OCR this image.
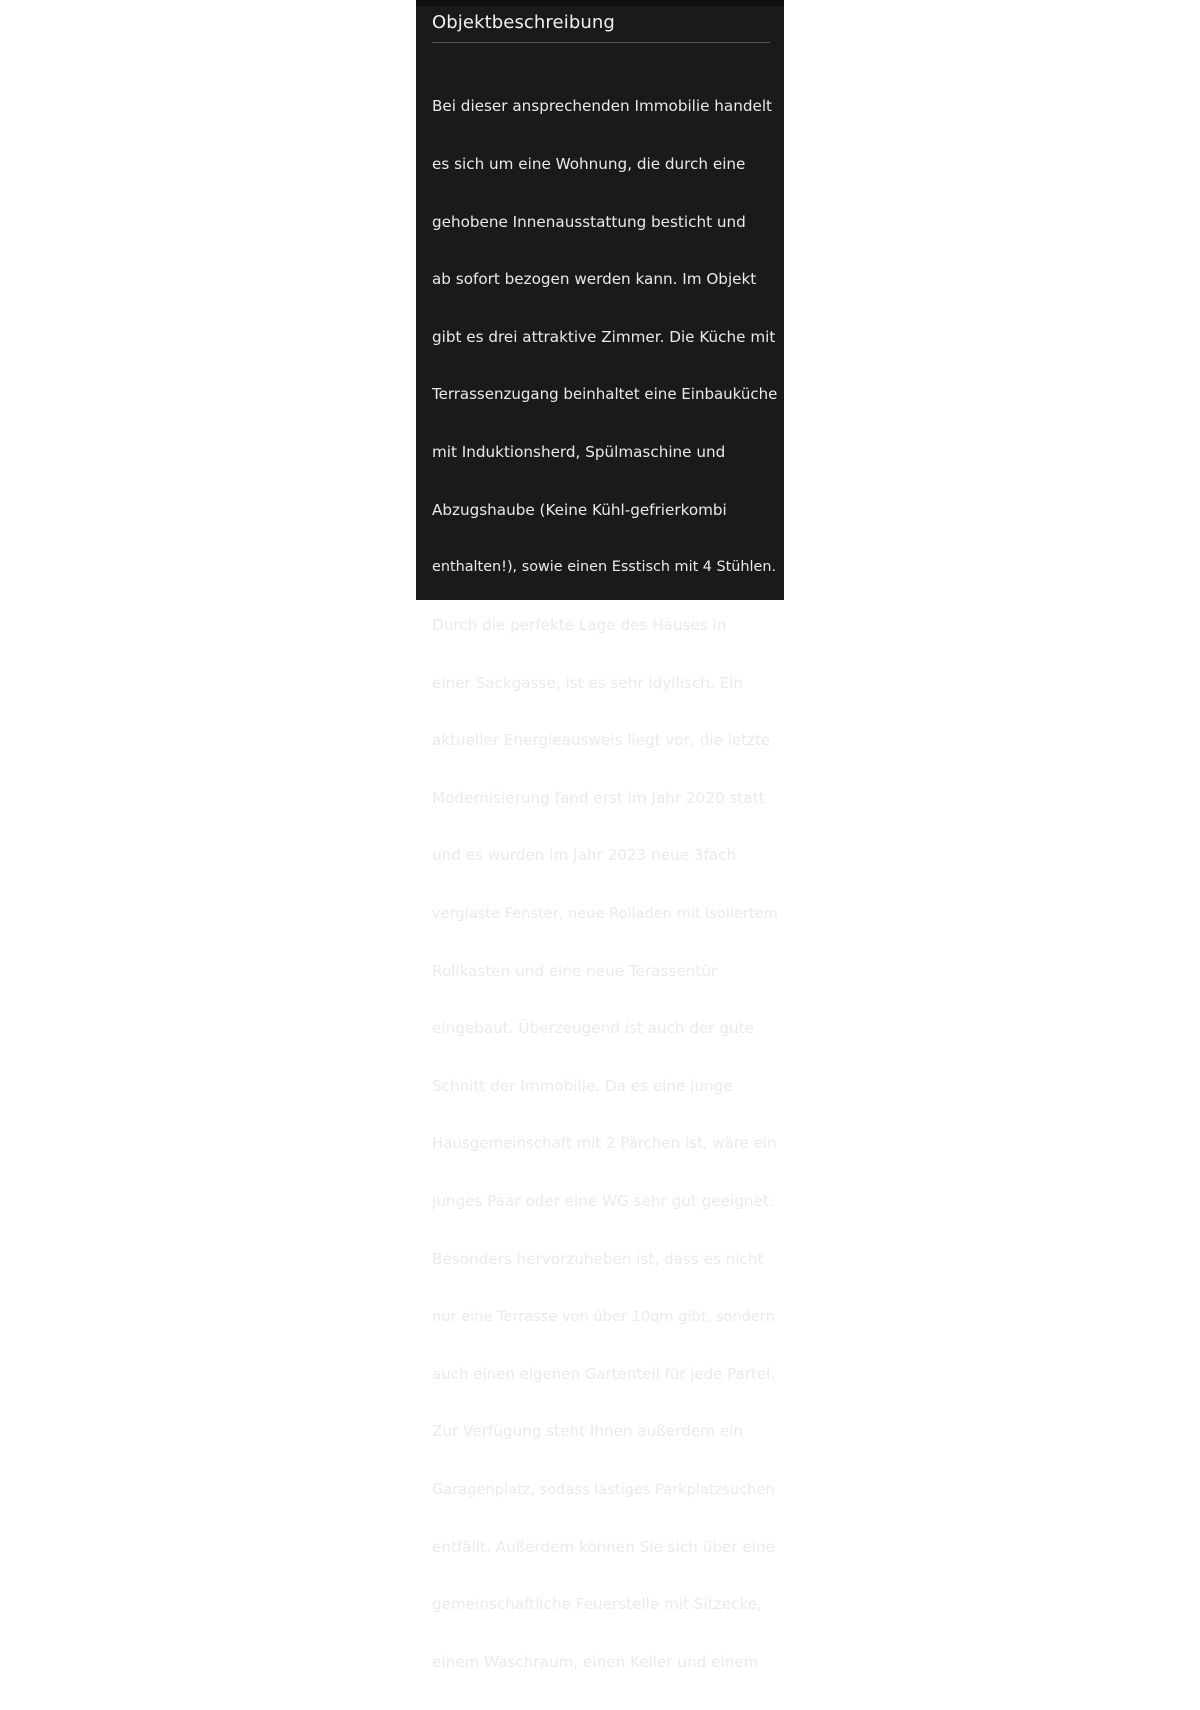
Objektbeschreibung

Bei dieser ansprechenden Immobilie handelt

es sich um eine Wohnung, die durch eine

gehobene Innenausstattung besticht und

ab sofort bezogen werden kann. Im Objekt

gibt es drei attraktive Zimmer. Die Küche mit

Terrassenzugang beinhaltet eine Einbauküche

mit Induktionsherd, Spülmaschine und

Abzugshaube (Keine Kühl-gefrierkombi

enthalten!), sowie einen Esstisch mit 4 Stühlen.

Durch die perfekte Lage des Hauses in

einer Sackgasse, ist es sehr idyllisch. Ein

aktueller Energieausweis liegt vor, die letzte

Modernisierung fand erst im Jahr 2020 statt

und es wurden im Jahr 2023 neue 3fach

verglaste Fenster, neue Rolladen mit isoliertem

Rollkasten und eine neue Terassentür

eingebaut. Überzeugend ist auch der gute

Schnitt der Immobilie. Da es eine junge

Hausgemeinschaft mit 2 Pärchen ist, wäre ein

junges Paar oder eine WG sehr gut geeignet.

Besonders hervorzuheben ist, dass es nicht

nur eine Terrasse von über 10qm gibt, sondern

auch einen eigenen Gartenteil für jede Partei.

Zur Verfügung steht Ihnen außerdem ein

Garagenplatz, sodass lästiges Parkplatzsuchen

entfällt. Außerdem können Sie sich über eine

gemeinschaftliche Feuerstelle mit Sitzecke,

einem Waschraum, einen Keller und einem
